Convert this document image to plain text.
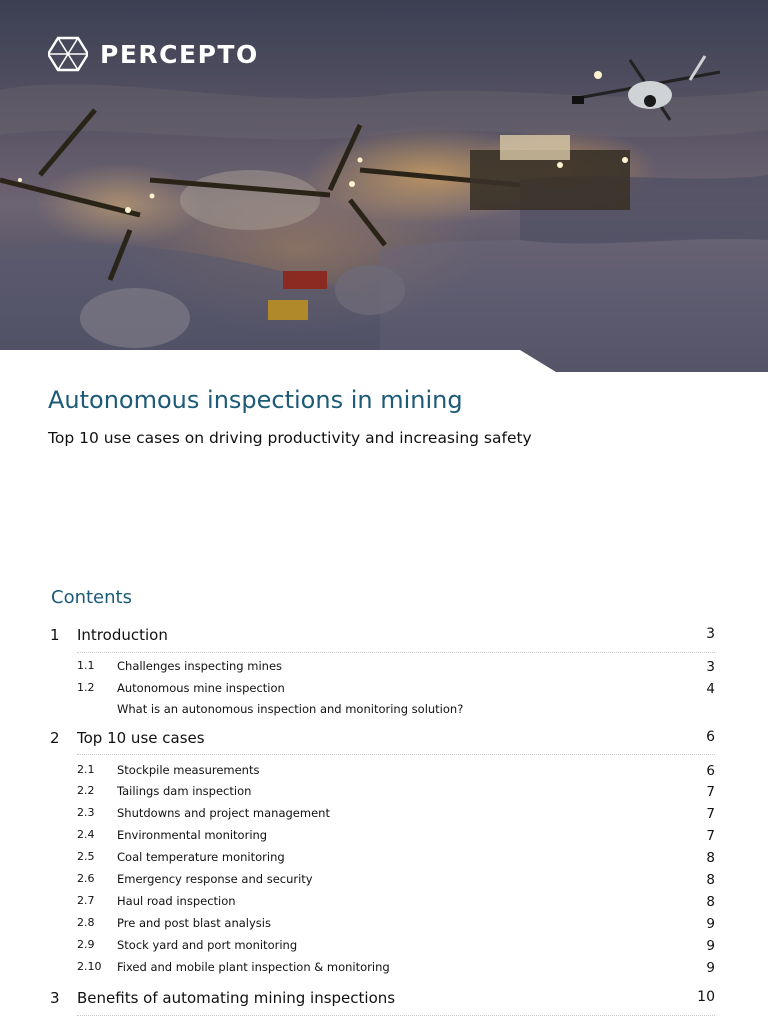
PERCEPTO
Autonomous inspections in mining

Top 10 use cases on driving productivity and increasing safety

Contents
1 Introduction	3
1.1 Challenges inspecting mines	3
1.2 Autonomous mine inspection	4
What is an autonomous inspection and monitoring solution?
2 Top 10 use cases	6
2.1 Stockpile measurements	6
2.2 Tailings dam inspection	7
2.3 Shutdowns and project management	7
2.4 Environmental monitoring	7
2.5 Coal temperature monitoring	8
2.6 Emergency response and security	8
2.7 Haul road inspection	8
2.8 Pre and post blast analysis	9
2.9 Stock yard and port monitoring	9
2.10 Fixed and mobile plant inspection & monitoring	9
3 Benefits of automating mining inspections	10
